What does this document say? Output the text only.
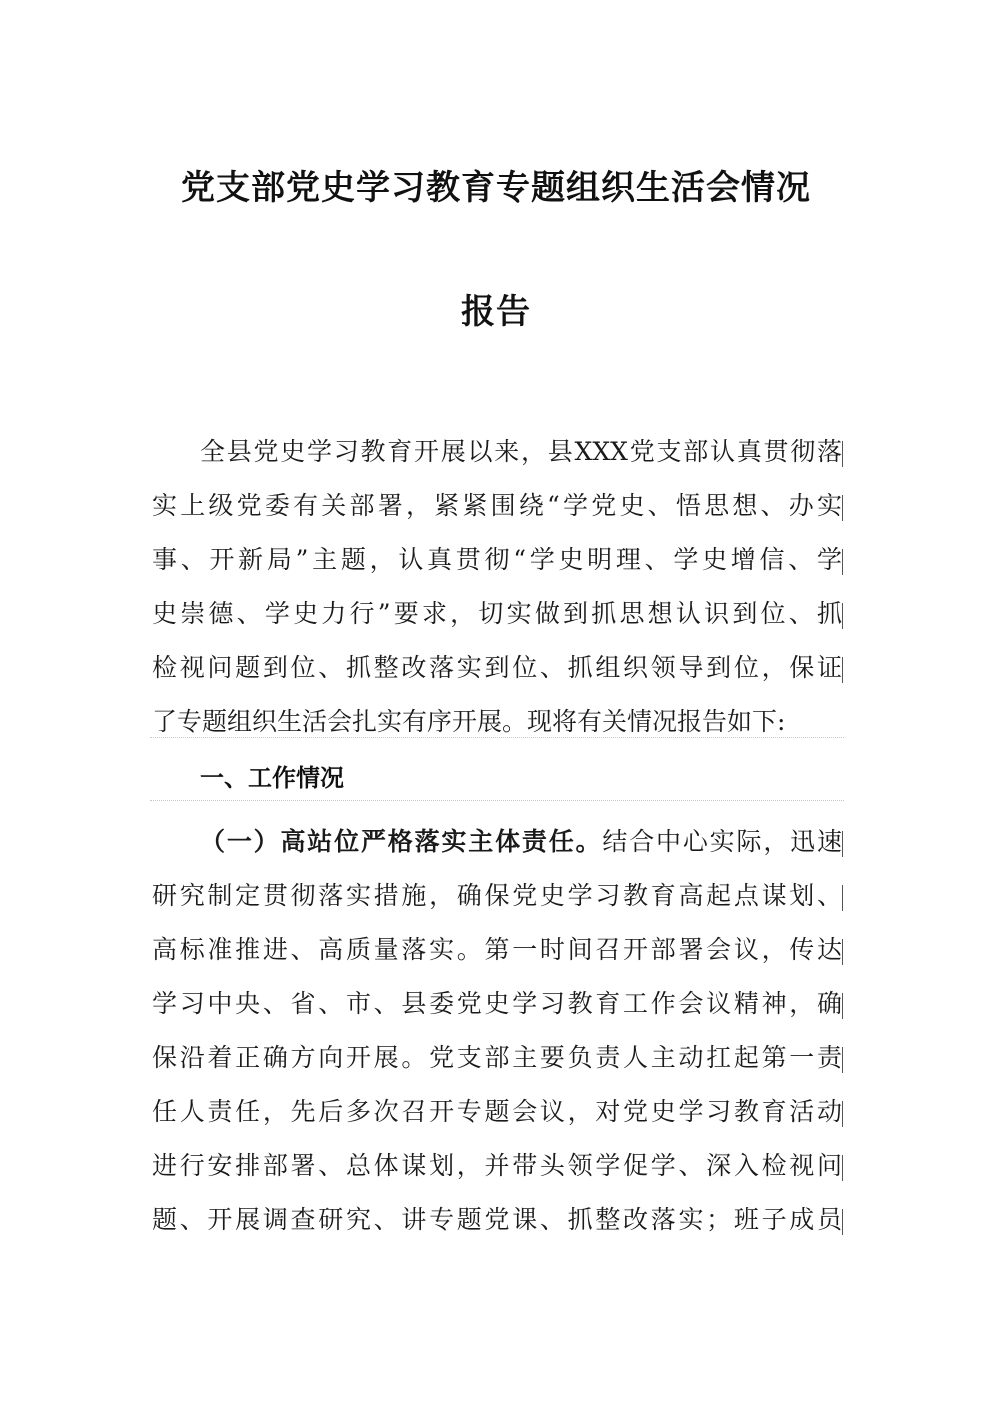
党支部党史学习教育专题组织生活会情况
报告
全县党史学习教育开展以来，县XXX党支部认真贯彻落
实上级党委有关部署，紧紧围绕“学党史、悟思想、办实
事、开新局”主题，认真贯彻“学史明理、学史增信、学
史崇德、学史力行”要求，切实做到抓思想认识到位、抓
检视问题到位、抓整改落实到位、抓组织领导到位，保证
了专题组织生活会扎实有序开展。现将有关情况报告如下:
一、工作情况
（一）高站位严格落实主体责任。结合中心实际，迅速
研究制定贯彻落实措施，确保党史学习教育高起点谋划、
高标准推进、高质量落实。第一时间召开部署会议，传达
学习中央、省、市、县委党史学习教育工作会议精神，确
保沿着正确方向开展。党支部主要负责人主动扛起第一责
任人责任，先后多次召开专题会议，对党史学习教育活动
进行安排部署、总体谋划，并带头领学促学、深入检视问
题、开展调查研究、讲专题党课、抓整改落实；班子成员
